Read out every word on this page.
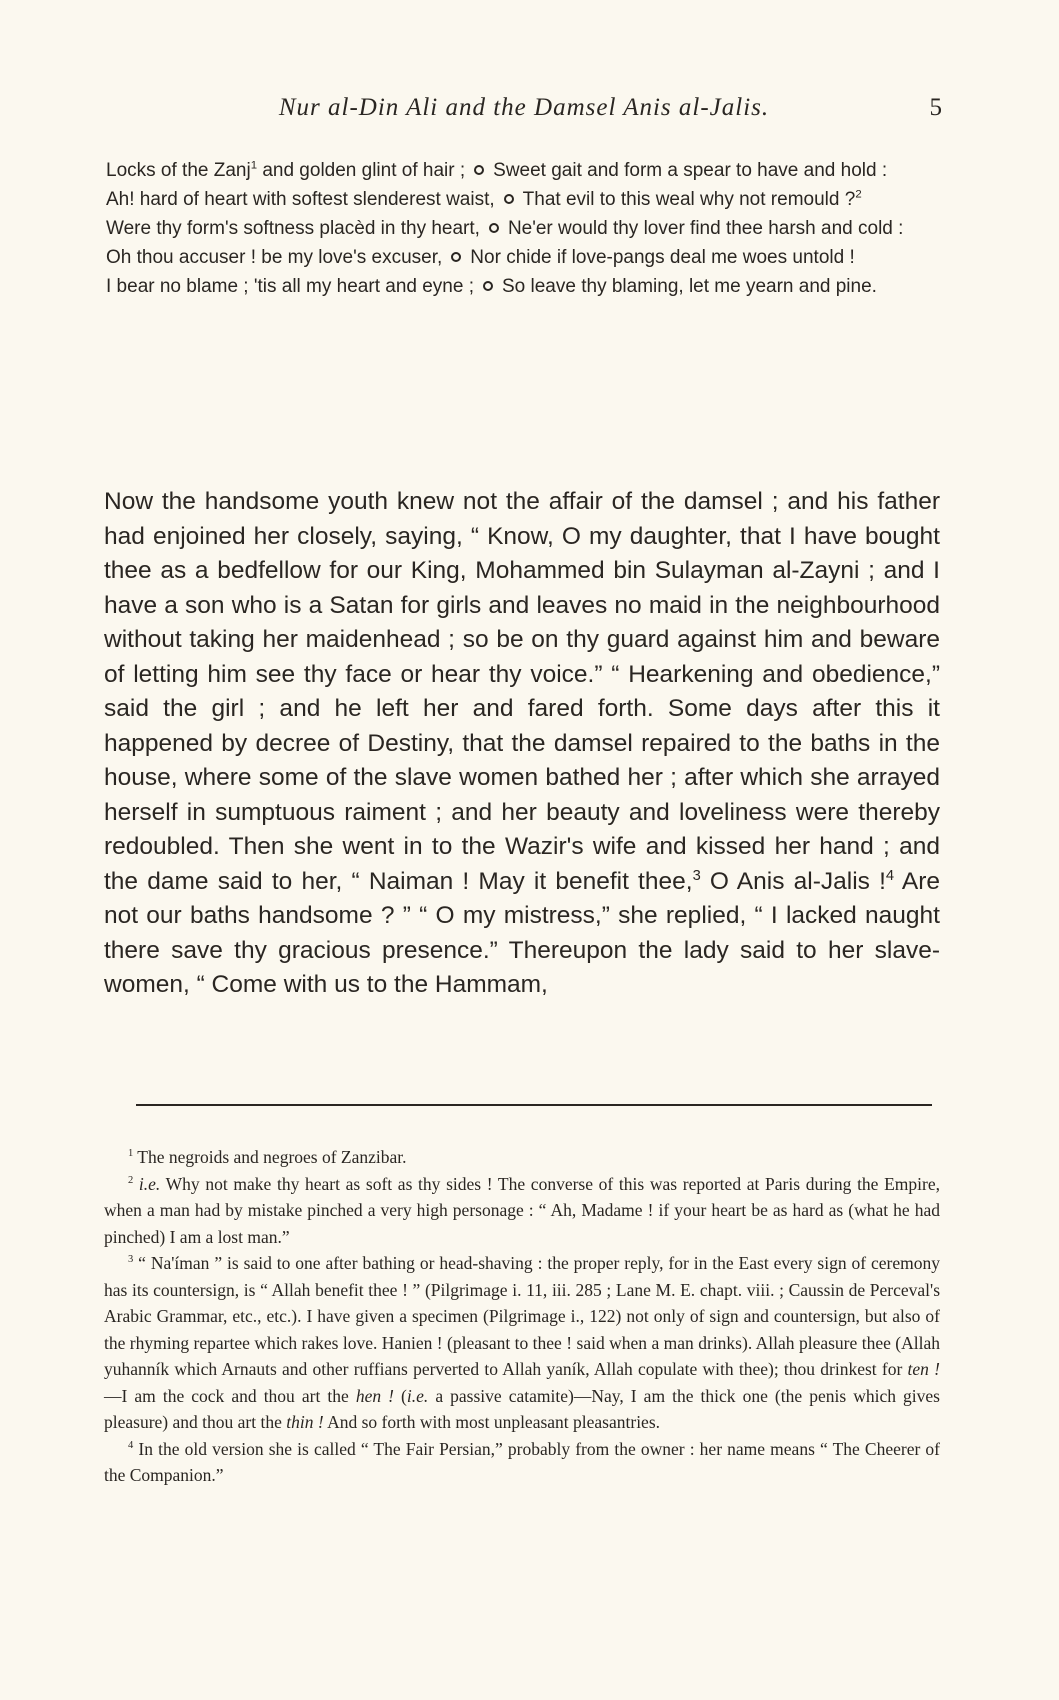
Nur al-Din Ali and the Damsel Anis al-Jalis.	5

Locks of the Zanj$^1$ and golden glint of hair ; Sweet gait and form a spear to have and hold :

Ah! hard of heart with softest slenderest waist, That evil to this weal why not remould ?$^2$

Were thy form's softness placèd in thy heart, Ne'er would thy lover find thee harsh and cold :

Oh thou accuser ! be my love's excuser, Nor chide if love-pangs deal me woes untold !

I bear no blame ; 'tis all my heart and eyne ; So leave thy blaming, let me yearn and pine.

Now the handsome youth knew not the affair of the damsel ; and his father had enjoined her closely, saying, “ Know, O my daughter, that I have bought thee as a bedfellow for our King, Mohammed bin Sulayman al-Zayni ; and I have a son who is a Satan for girls and leaves no maid in the neighbourhood without taking her maidenhead ; so be on thy guard against him and beware of letting him see thy face or hear thy voice.” “ Hearkening and obedience,” said the girl ; and he left her and fared forth. Some days after this it happened by decree of Destiny, that the damsel repaired to the baths in the house, where some of the slave women bathed her ; after which she arrayed herself in sumptuous raiment ; and her beauty and loveliness were thereby redoubled. Then she went in to the Wazir's wife and kissed her hand ; and the dame said to her, “ Naiman ! May it benefit thee,$^3$ O Anis al-Jalis !$^4$ Are not our baths handsome ? ” “ O my mistress,” she replied, “ I lacked naught there save thy gracious presence.” Thereupon the lady said to her slave-women, “ Come with us to the Hammam,

$^1$ The negroids and negroes of Zanzibar.

$^2$ i.e. Why not make thy heart as soft as thy sides ! The converse of this was reported at Paris during the Empire, when a man had by mistake pinched a very high personage : “ Ah, Madame ! if your heart be as hard as (what he had pinched) I am a lost man.”

$^3$ “ Na'íman ” is said to one after bathing or head-shaving : the proper reply, for in the East every sign of ceremony has its countersign, is “ Allah benefit thee ! ” (Pilgrimage i. 11, iii. 285 ; Lane M. E. chapt. viii. ; Caussin de Perceval's Arabic Grammar, etc., etc.). I have given a specimen (Pilgrimage i., 122) not only of sign and countersign, but also of the rhyming repartee which rakes love. Hanien ! (pleasant to thee ! said when a man drinks). Allah pleasure thee (Allah yuhanník which Arnauts and other ruffians perverted to Allah yaník, Allah copulate with thee); thou drinkest for ten !—I am the cock and thou art the hen ! (i.e. a passive catamite)—Nay, I am the thick one (the penis which gives pleasure) and thou art the thin ! And so forth with most unpleasant pleasantries.

$^4$ In the old version she is called “ The Fair Persian,” probably from the owner : her name means “ The Cheerer of the Companion.”
